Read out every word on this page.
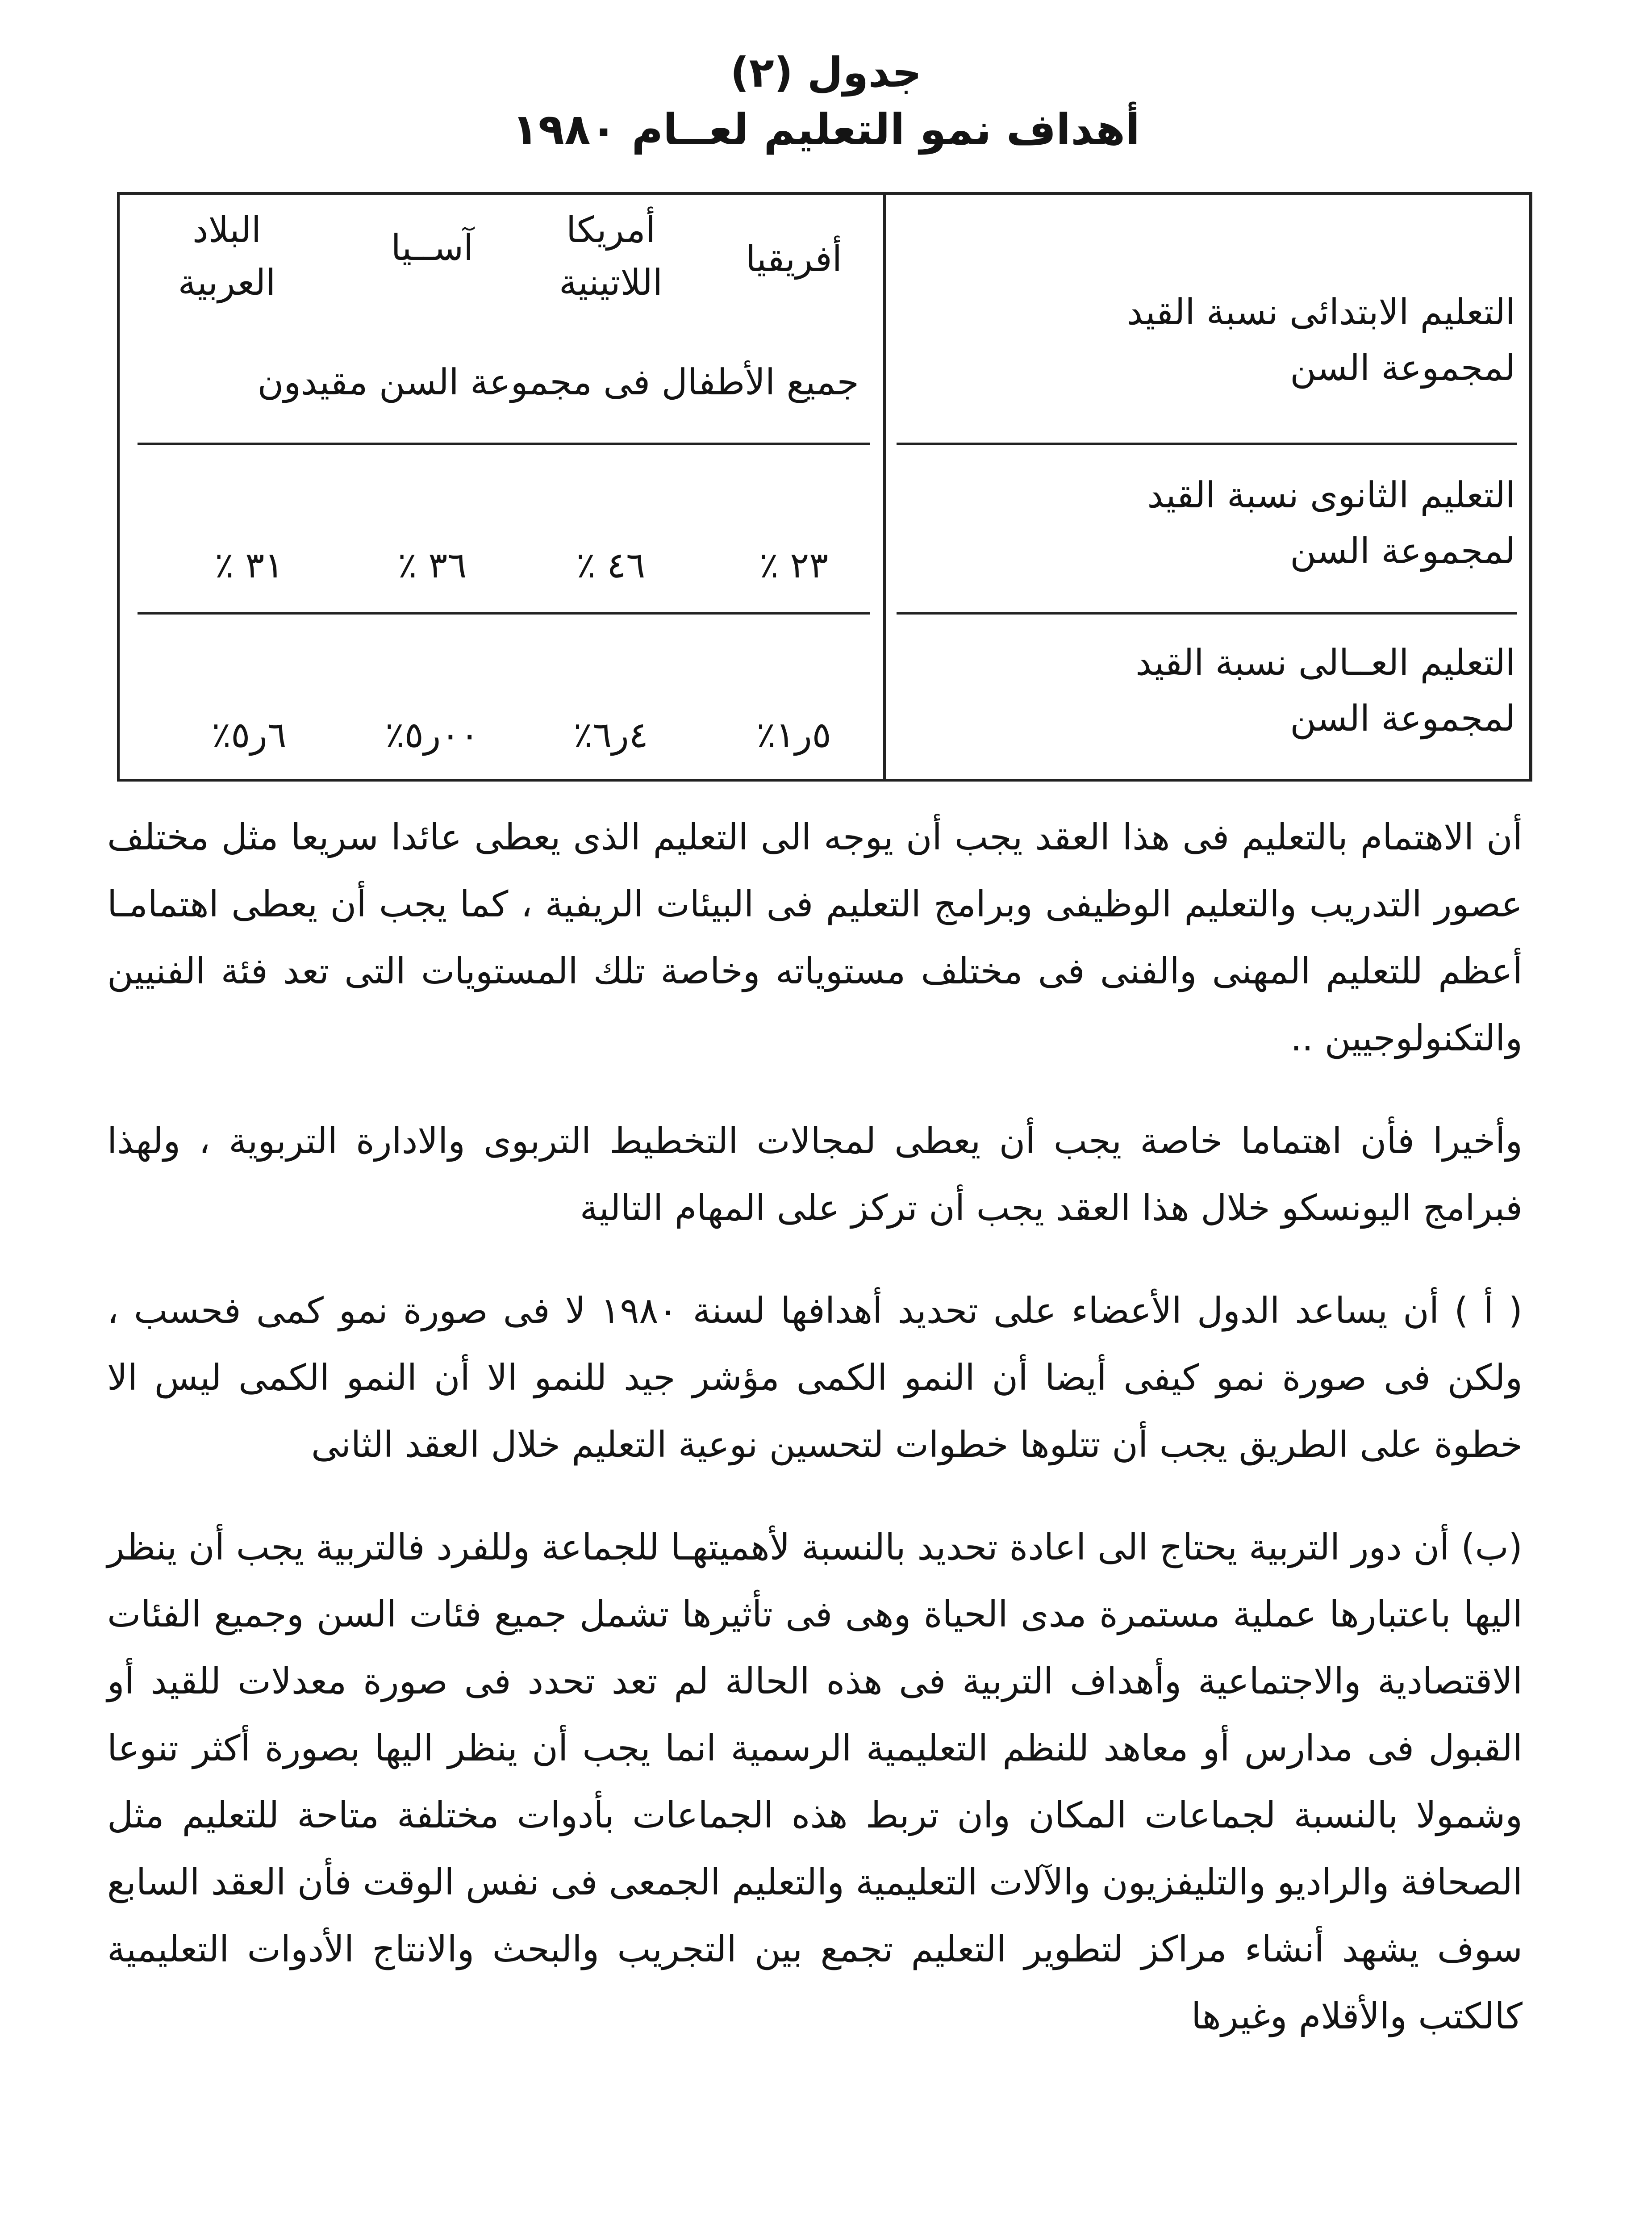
جدول (٢)
أهداف نمو التعليم لعــام ١٩٨٠
أفريقيا
أمريكا
اللاتينية
آســيا
البلاد
العربية
جميع الأطفال فى مجموعة السن مقيدون
التعليم الابتدائى نسبة القيد
لمجموعة السن
التعليم الثانوى نسبة القيد
لمجموعة السن
التعليم العــالى نسبة القيد
لمجموعة السن
٢٣ ٪
٤٦ ٪
٣٦ ٪
٣١ ٪
٥ر١٪
٤ر٦٪
٠٠ر٥٪
٦ر٥٪

أن الاهتمام بالتعليم فى هذا العقد يجب أن يوجه الى التعليم الذى يعطى عائدا سريعا مثل مختلف عصور التدريب والتعليم الوظيفى وبرامج التعليم فى البيئات الريفية ، كما يجب أن يعطى اهتمامـا أعظم للتعليم المهنى والفنى فى مختلف مستوياته وخاصة تلك المستويات التى تعد فئة الفنيين والتكنولوجيين ..

وأخيرا فأن اهتماما خاصة يجب أن يعطى لمجالات التخطيط التربوى والادارة التربوية ، ولهذا فبرامج اليونسكو خلال هذا العقد يجب أن تركز على المهام التالية

( أ ) أن يساعد الدول الأعضاء على تحديد أهدافها لسنة ١٩٨٠ لا فى صورة نمو كمى فحسب ، ولكن فى صورة نمو كيفى أيضا أن النمو الكمى مؤشر جيد للنمو الا أن النمو الكمى ليس الا خطوة على الطريق يجب أن تتلوها خطوات لتحسين نوعية التعليم خلال العقد الثانى

(ب) أن دور التربية يحتاج الى اعادة تحديد بالنسبة لأهميتهـا للجماعة وللفرد فالتربية يجب أن ينظر اليها باعتبارها عملية مستمرة مدى الحياة وهى فى تأثيرها تشمل جميع فئات السن وجميع الفئات الاقتصادية والاجتماعية وأهداف التربية فى هذه الحالة لم تعد تحدد فى صورة معدلات للقيد أو القبول فى مدارس أو معاهد للنظم التعليمية الرسمية انما يجب أن ينظر اليها بصورة أكثر تنوعا وشمولا بالنسبة لجماعات المكان وان تربط هذه الجماعات بأدوات مختلفة متاحة للتعليم مثل الصحافة والراديو والتليفزيون والآلات التعليمية والتعليم الجمعى فى نفس الوقت فأن العقد السابع سوف يشهد أنشاء مراكز لتطوير التعليم تجمع بين التجريب والبحث والانتاج الأدوات التعليمية كالكتب والأقلام وغيرها
